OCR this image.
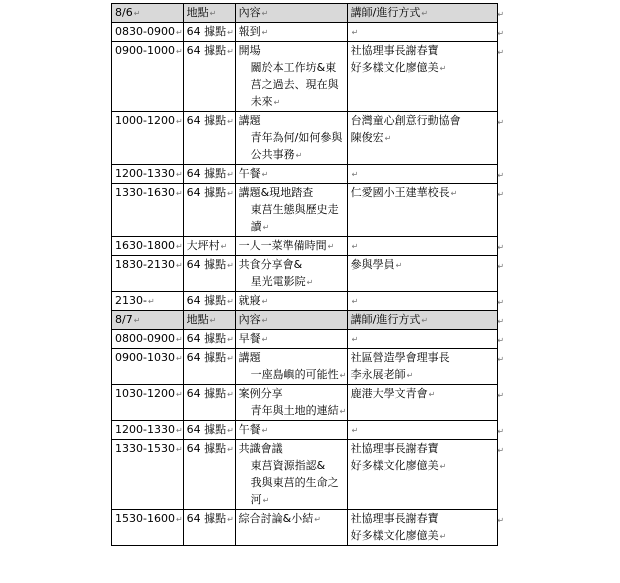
8/6↵	地點↵	內容↵	講師/進行方式↵ ↵

0830-0900↵	64 據點↵	報到↵	↵ ↵

0900-1000↵	64 據點↵	開場
關於本工作坊&東
莒之過去、現在與
未來↵	社協理事長謝春寶
好多樣文化廖億美↵
↵

1000-1200↵	64 據點↵	講題
青年為何/如何參與
公共事務↵	台灣童心創意行動協會
陳俊宏↵
↵

1200-1330↵	64 據點↵	午餐↵	↵ ↵

1330-1630↵	64 據點↵	講題&現地踏查
東莒生態與歷史走
讀↵	仁愛國小王建華校長↵ ↵

1630-1800↵	大坪村↵	一人一菜準備時間↵	↵ ↵

1830-2130↵	64 據點↵	共食分享會&
星光電影院↵	參與學員↵ ↵

2130-↵	64 據點↵	就寢↵	↵ ↵

8/7↵	地點↵	內容↵	講師/進行方式↵ ↵

0800-0900↵	64 據點↵	早餐↵	↵ ↵

0900-1030↵	64 據點↵	講題
一座島嶼的可能性↵	社區營造學會理事長
李永展老師↵
↵

1030-1200↵	64 據點↵	案例分享
青年與土地的連結↵	鹿港大學文青會↵ ↵

1200-1330↵	64 據點↵	午餐↵	↵ ↵

1330-1530↵	64 據點↵	共識會議
東莒資源指認&
我與東莒的生命之
河↵	社協理事長謝春寶
好多樣文化廖億美↵
↵

1530-1600↵	64 據點↵	綜合討論&小結↵	社協理事長謝春寶
好多樣文化廖億美↵
↵
